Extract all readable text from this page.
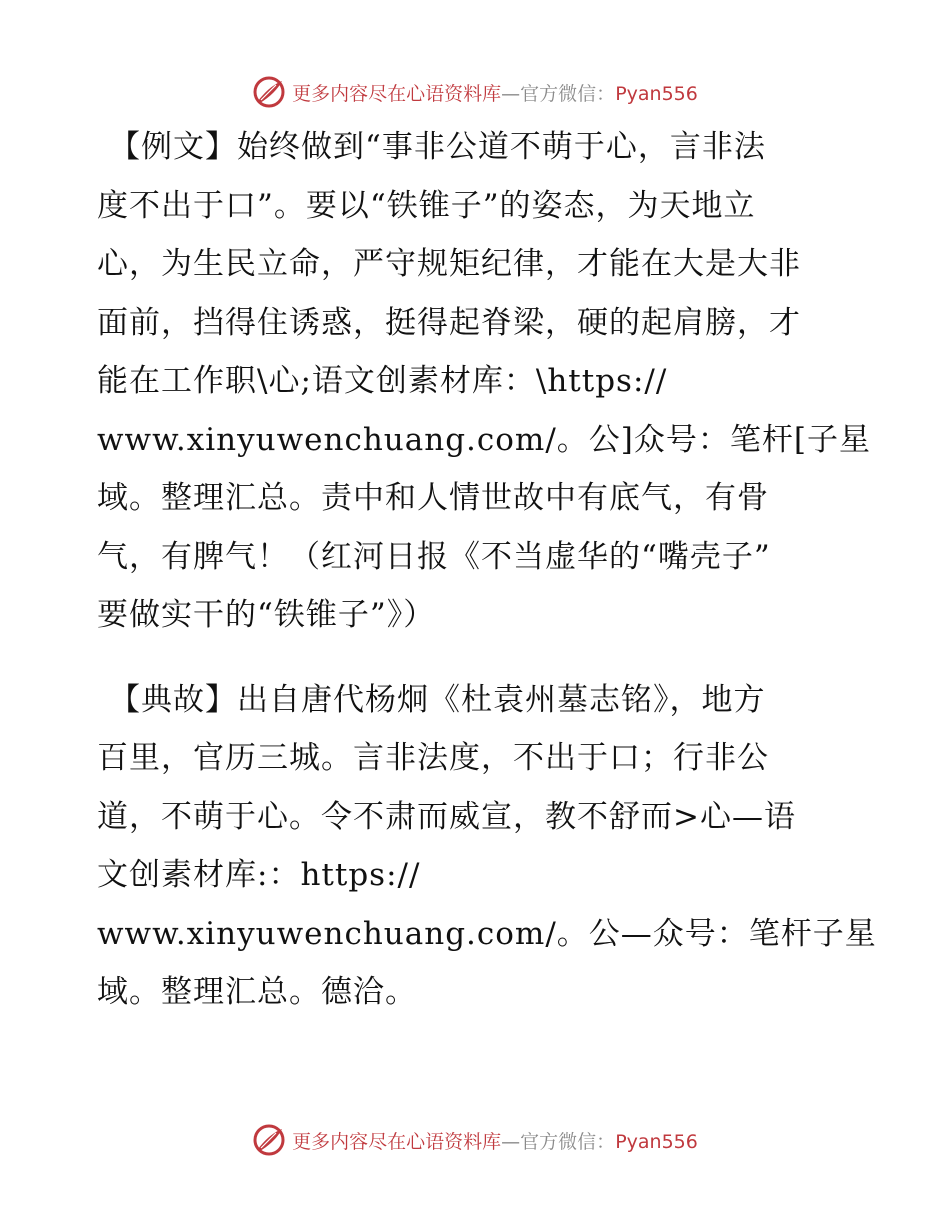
更多内容尽在心语资料库—官方微信：Pyan556

【例文】始终做到“事非公道不萌于心，言非法
度不出于口”。要以“铁锥子”的姿态，为天地立
心，为生民立命，严守规矩纪律，才能在大是大非
面前，挡得住诱惑，挺得起脊梁，硬的起肩膀，才
能在工作职\心;语文创素材库：\https://
www.xinyuwenchuang.com/。公]众号：笔杆[子星
域。整理汇总。责中和人情世故中有底气，有骨
气，有脾气！（红河日报《不当虚华的“嘴壳子”
要做实干的“铁锥子”》）

【典故】出自唐代杨炯《杜袁州墓志铭》，地方
百里，官历三城。言非法度，不出于口；行非公
道，不萌于心。令不肃而威宣，教不舒而>心—语
文创素材库:：https://
www.xinyuwenchuang.com/。公—众号：笔杆子星
域。整理汇总。德洽。

更多内容尽在心语资料库—官方微信：Pyan556
